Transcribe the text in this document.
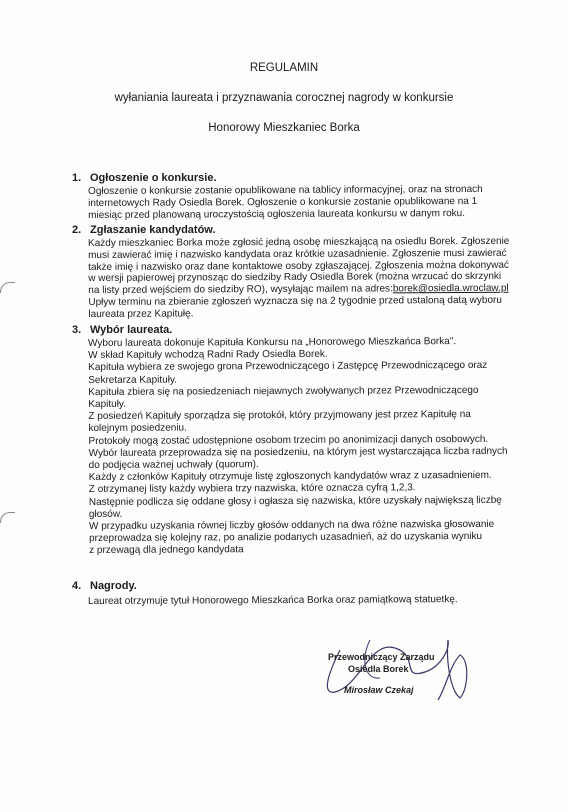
REGULAMIN
wyłaniania laureata i przyznawania corocznej nagrody w konkursie
Honorowy Mieszkaniec Borka
1. Ogłoszenie o konkursie.

Ogłoszenie o konkursie zostanie opublikowane na tablicy informacyjnej, oraz na stronach

internetowych Rady Osiedla Borek. Ogłoszenie o konkursie zostanie opublikowane na 1

miesiąc przed planowaną uroczystością ogłoszenia laureata konkursu w danym roku.

2. Zgłaszanie kandydatów.

Każdy mieszkaniec Borka może zgłosić jedną osobę mieszkającą na osiedlu Borek. Zgłoszenie

musi zawierać imię i nazwisko kandydata oraz krótkie uzasadnienie. Zgłoszenie musi zawierać

także imię i nazwisko oraz dane kontaktowe osoby zgłaszającej. Zgłoszenia można dokonywać

w wersji papierowej przynosząc do siedziby Rady Osiedla Borek (można wrzucać do skrzynki

na listy przed wejściem do siedziby RO), wysyłając mailem na adres:borek@osiedla.wroclaw.pl

Upływ terminu na zbieranie zgłoszeń wyznacza się na 2 tygodnie przed ustaloną datą wyboru

laureata przez Kapitułę.

3. Wybór laureata.

Wyboru laureata dokonuje Kapituła Konkursu na „Honorowego Mieszkańca Borka".

W skład Kapituły wchodzą Radni Rady Osiedla Borek.

Kapituła wybiera ze swojego grona Przewodniczącego i Zastępcę Przewodniczącego oraz

Sekretarza Kapituły.

Kapituła zbiera się na posiedzeniach niejawnych zwoływanych przez Przewodniczącego

Kapituły.

Z posiedzeń Kapituły sporządza się protokół, który przyjmowany jest przez Kapitułę na

kolejnym posiedzeniu.

Protokoły mogą zostać udostępnione osobom trzecim po anonimizacji danych osobowych.

Wybór laureata przeprowadza się na posiedzeniu, na którym jest wystarczająca liczba radnych

do podjęcia ważnej uchwały (quorum).

Każdy z członków Kapituły otrzymuje listę zgłoszonych kandydatów wraz z uzasadnieniem.

Z otrzymanej listy każdy wybiera trzy nazwiska, które oznacza cyfrą 1,2,3.

Następnie podlicza się oddane głosy i ogłasza się nazwiska, które uzyskały największą liczbę

głosów.

W przypadku uzyskania równej liczby głosów oddanych na dwa różne nazwiska głosowanie

przeprowadza się kolejny raz, po analizie podanych uzasadnień, aż do uzyskania wyniku

z przewagą dla jednego kandydata

4. Nagrody.

Laureat otrzymuje tytuł Honorowego Mieszkańca Borka oraz pamiątkową statuetkę.

Przewodniczący Zarządu
Osiedla Borek
Mirosław Czekaj
